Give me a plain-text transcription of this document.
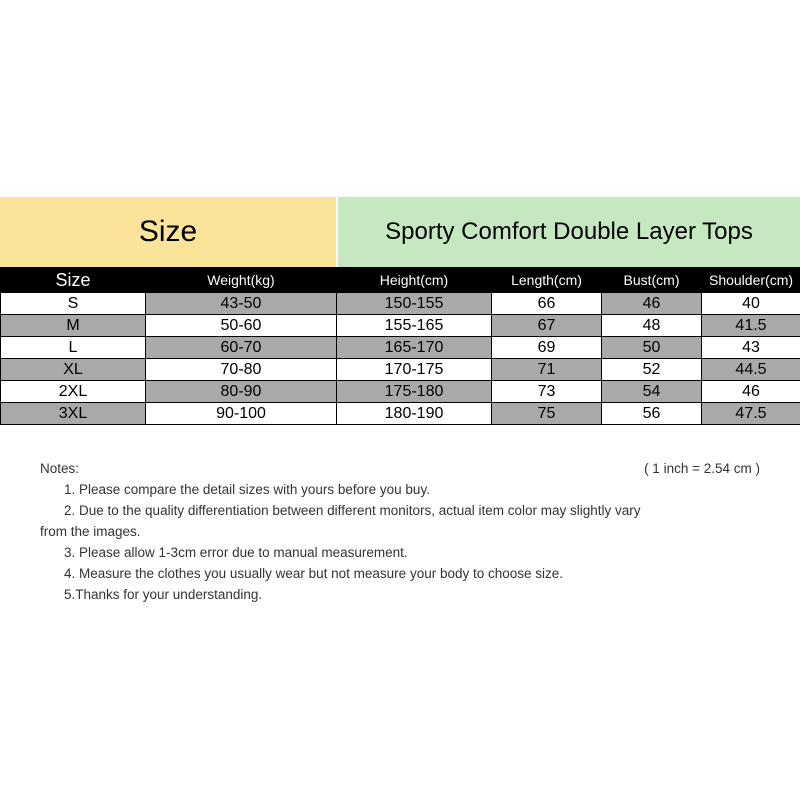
Size	Sporty Comfort Double Layer Tops
Size	Weight(kg)	Height(cm)	Length(cm)	Bust(cm)	Shoulder(cm)
S	43-50	150-155	66	46	40
M	50-60	155-165	67	48	41.5
L	60-70	165-170	69	50	43
XL	70-80	170-175	71	52	44.5
2XL	80-90	175-180	73	54	46
3XL	90-100	180-190	75	56	47.5
Notes:	( 1 inch = 2.54 cm )
1. Please compare the detail sizes with yours before you buy.
2. Due to the quality differentiation between different monitors, actual item color may slightly vary
from the images.
3. Please allow 1-3cm error due to manual measurement.
4. Measure the clothes you usually wear but not measure your body to choose size.
5.Thanks for your understanding.
